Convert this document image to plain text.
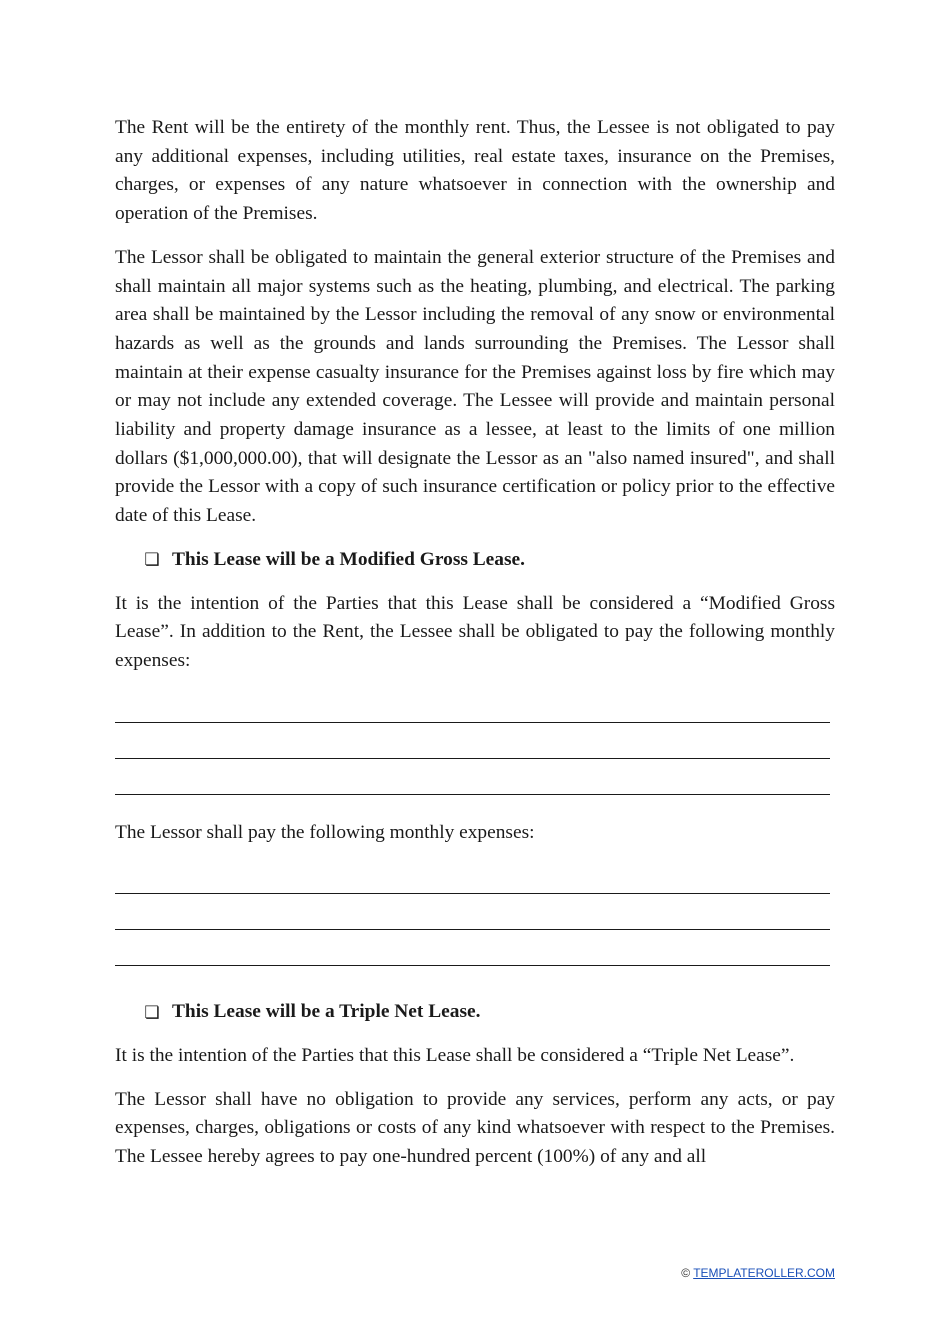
The Rent will be the entirety of the monthly rent. Thus, the Lessee is not obligated to pay any additional expenses, including utilities, real estate taxes, insurance on the Premises, charges, or expenses of any nature whatsoever in connection with the ownership and operation of the Premises.

The Lessor shall be obligated to maintain the general exterior structure of the Premises and shall maintain all major systems such as the heating, plumbing, and electrical. The parking area shall be maintained by the Lessor including the removal of any snow or environmental hazards as well as the grounds and lands surrounding the Premises. The Lessor shall maintain at their expense casualty insurance for the Premises against loss by fire which may or may not include any extended coverage. The Lessee will provide and maintain personal liability and property damage insurance as a lessee, at least to the limits of one million dollars ($1,000,000.00), that will designate the Lessor as an "also named insured", and shall provide the Lessor with a copy of such insurance certification or policy prior to the effective date of this Lease.

❏ This Lease will be a Modified Gross Lease.

It is the intention of the Parties that this Lease shall be considered a “Modified Gross Lease”. In addition to the Rent, the Lessee shall be obligated to pay the following monthly expenses:

The Lessor shall pay the following monthly expenses:

❏ This Lease will be a Triple Net Lease.

It is the intention of the Parties that this Lease shall be considered a “Triple Net Lease”.

The Lessor shall have no obligation to provide any services, perform any acts, or pay expenses, charges, obligations or costs of any kind whatsoever with respect to the Premises. The Lessee hereby agrees to pay one-hundred percent (100%) of any and all

© TEMPLATEROLLER.COM
